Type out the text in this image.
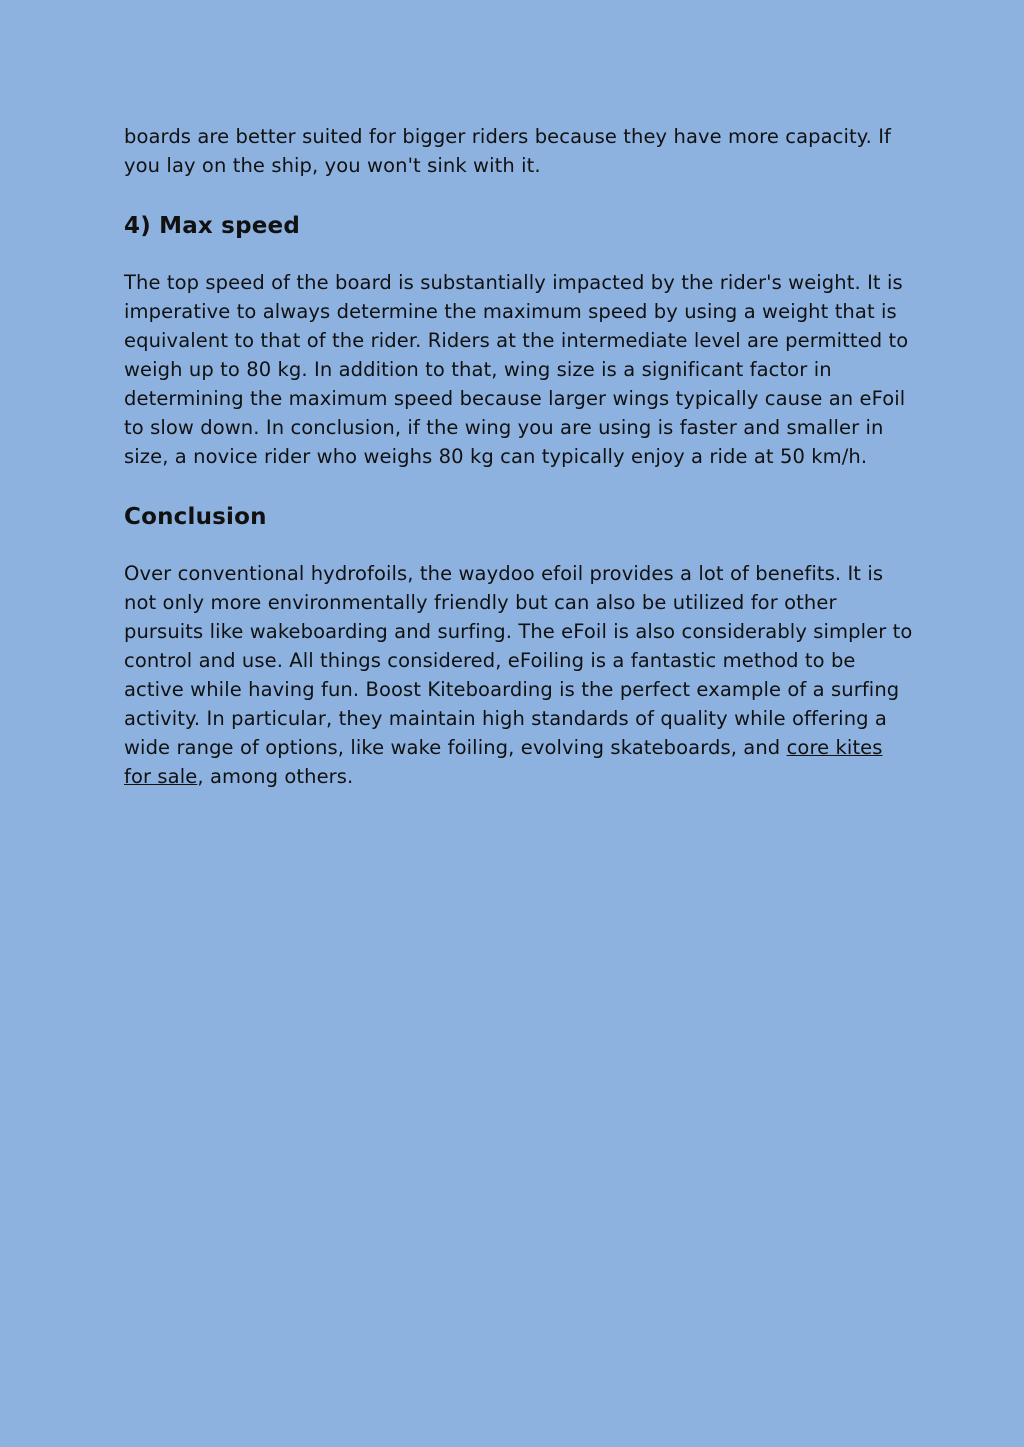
boards are better suited for bigger riders because they have more capacity. If you lay on the ship, you won't sink with it.

4) Max speed

The top speed of the board is substantially impacted by the rider's weight. It is imperative to always determine the maximum speed by using a weight that is equivalent to that of the rider. Riders at the intermediate level are permitted to weigh up to 80 kg. In addition to that, wing size is a significant factor in determining the maximum speed because larger wings typically cause an eFoil to slow down. In conclusion, if the wing you are using is faster and smaller in size, a novice rider who weighs 80 kg can typically enjoy a ride at 50 km/h.

Conclusion

Over conventional hydrofoils, the waydoo efoil provides a lot of benefits. It is not only more environmentally friendly but can also be utilized for other pursuits like wakeboarding and surfing. The eFoil is also considerably simpler to control and use. All things considered, eFoiling is a fantastic method to be active while having fun. Boost Kiteboarding is the perfect example of a surfing activity. In particular, they maintain high standards of quality while offering a wide range of options, like wake foiling, evolving skateboards, and core kites for sale, among others.
